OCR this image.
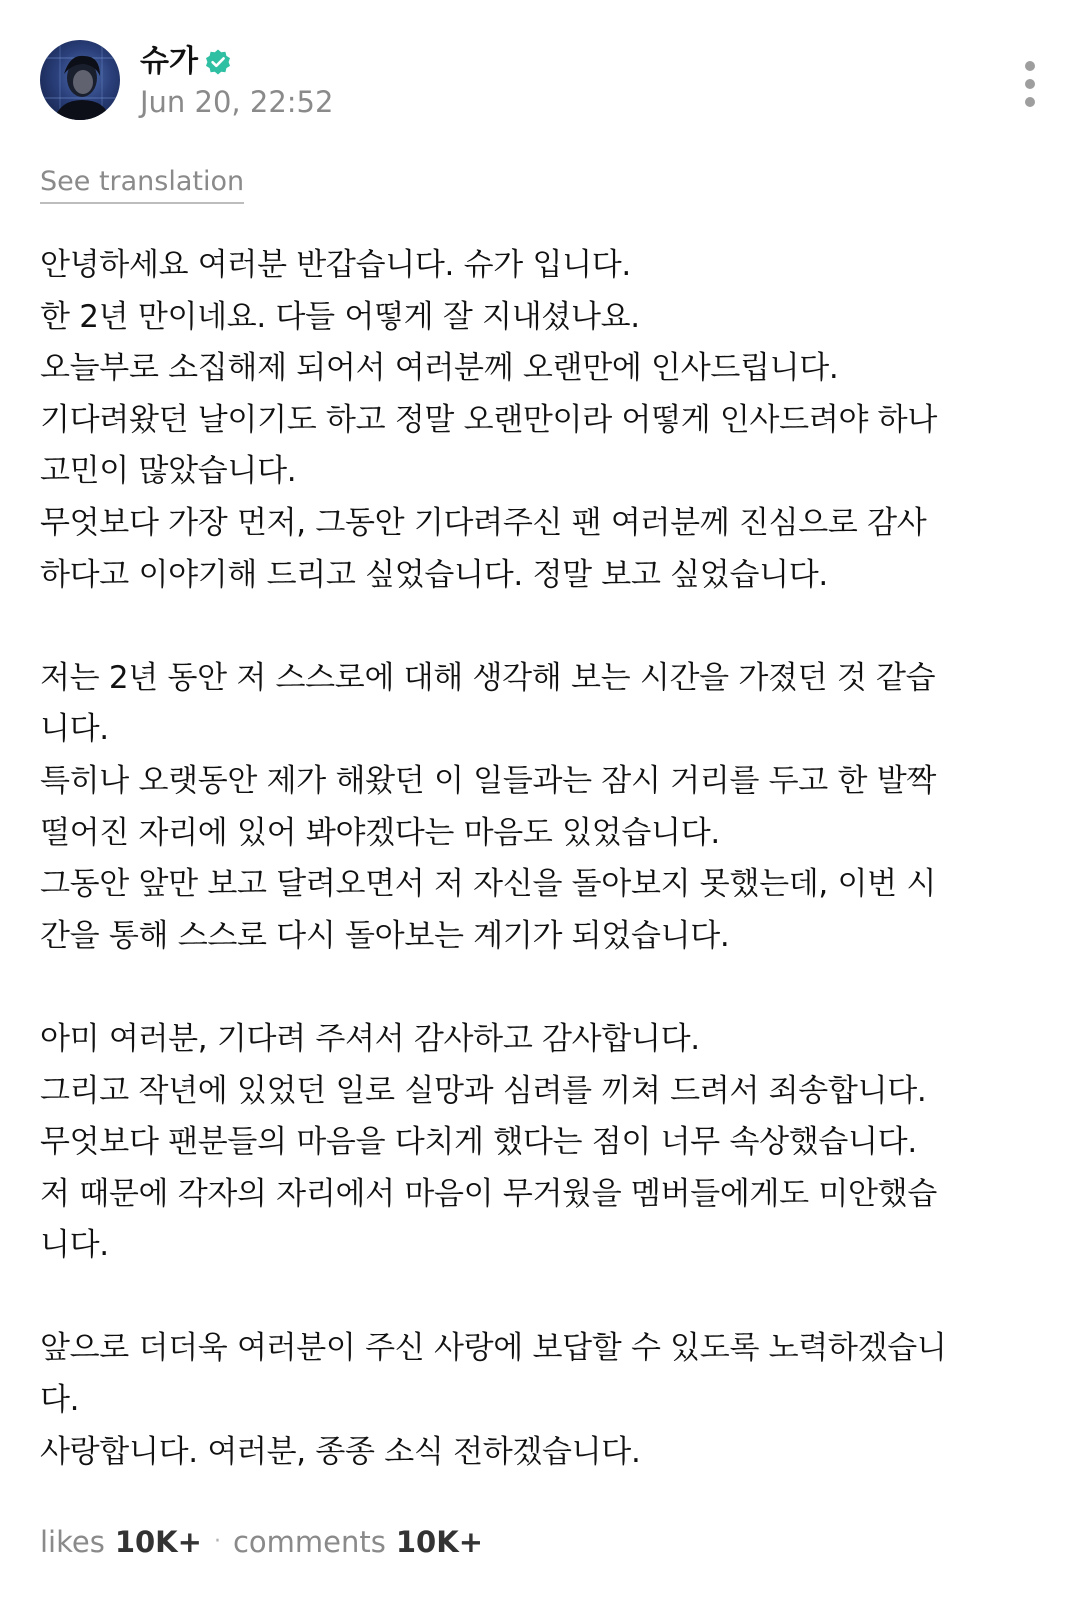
슈가
Jun 20, 22:52
See translation
안녕하세요 여러분 반갑습니다. 슈가 입니다.
한 2년 만이네요. 다들 어떻게 잘 지내셨나요.
오늘부로 소집해제 되어서 여러분께 오랜만에 인사드립니다.
기다려왔던 날이기도 하고 정말 오랜만이라 어떻게 인사드려야 하나
고민이 많았습니다.
무엇보다 가장 먼저, 그동안 기다려주신 팬 여러분께 진심으로 감사
하다고 이야기해 드리고 싶었습니다. 정말 보고 싶었습니다.
저는 2년 동안 저 스스로에 대해 생각해 보는 시간을 가졌던 것 같습
니다.
특히나 오랫동안 제가 해왔던 이 일들과는 잠시 거리를 두고 한 발짝
떨어진 자리에 있어 봐야겠다는 마음도 있었습니다.
그동안 앞만 보고 달려오면서 저 자신을 돌아보지 못했는데, 이번 시
간을 통해 스스로 다시 돌아보는 계기가 되었습니다.
아미 여러분, 기다려 주셔서 감사하고 감사합니다.
그리고 작년에 있었던 일로 실망과 심려를 끼쳐 드려서 죄송합니다.
무엇보다 팬분들의 마음을 다치게 했다는 점이 너무 속상했습니다.
저 때문에 각자의 자리에서 마음이 무거웠을 멤버들에게도 미안했습
니다.
앞으로 더더욱 여러분이 주신 사랑에 보답할 수 있도록 노력하겠습니
다.
사랑합니다. 여러분, 종종 소식 전하겠습니다.
likes 10K+ · comments 10K+
